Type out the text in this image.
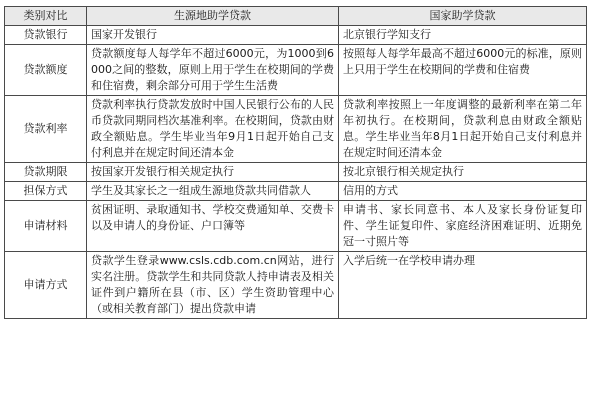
类别对比	生源地助学贷款	国家助学贷款
贷款银行	国家开发银行	北京银行学知支行
贷款额度	贷款额度每人每学年不超过6000元，为1000到6000之间的整数，原则上用于学生在校期间的学费和住宿费，剩余部分可用于学生生活费	按照每人每学年最高不超过6000元的标准，原则上只用于学生在校期间的学费和住宿费
贷款利率	贷款利率执行贷款发放时中国人民银行公布的人民币贷款同期同档次基准利率。在校期间，贷款由财政全额贴息。学生毕业当年9月1日起开始自己支付利息并在规定时间还清本金	贷款利率按照上一年度调整的最新利率在第二年年初执行。在校期间，贷款利息由财政全额贴息。学生毕业当年8月1日起开始自己支付利息并在规定时间还清本金
贷款期限	按国家开发银行相关规定执行	按北京银行相关规定执行
担保方式	学生及其家长之一组成生源地贷款共同借款人	信用的方式
申请材料	贫困证明、录取通知书、学校交费通知单、交费卡以及申请人的身份证、户口簿等	申请书、家长同意书、本人及家长身份证复印件、学生证复印件、家庭经济困难证明、近期免冠一寸照片等
申请方式	贷款学生登录www.csls.cdb.com.cn网站，进行实名注册。贷款学生和共同贷款人持申请表及相关证件到户籍所在县（市、区）学生资助管理中心（或相关教育部门）提出贷款申请	入学后统一在学校申请办理
